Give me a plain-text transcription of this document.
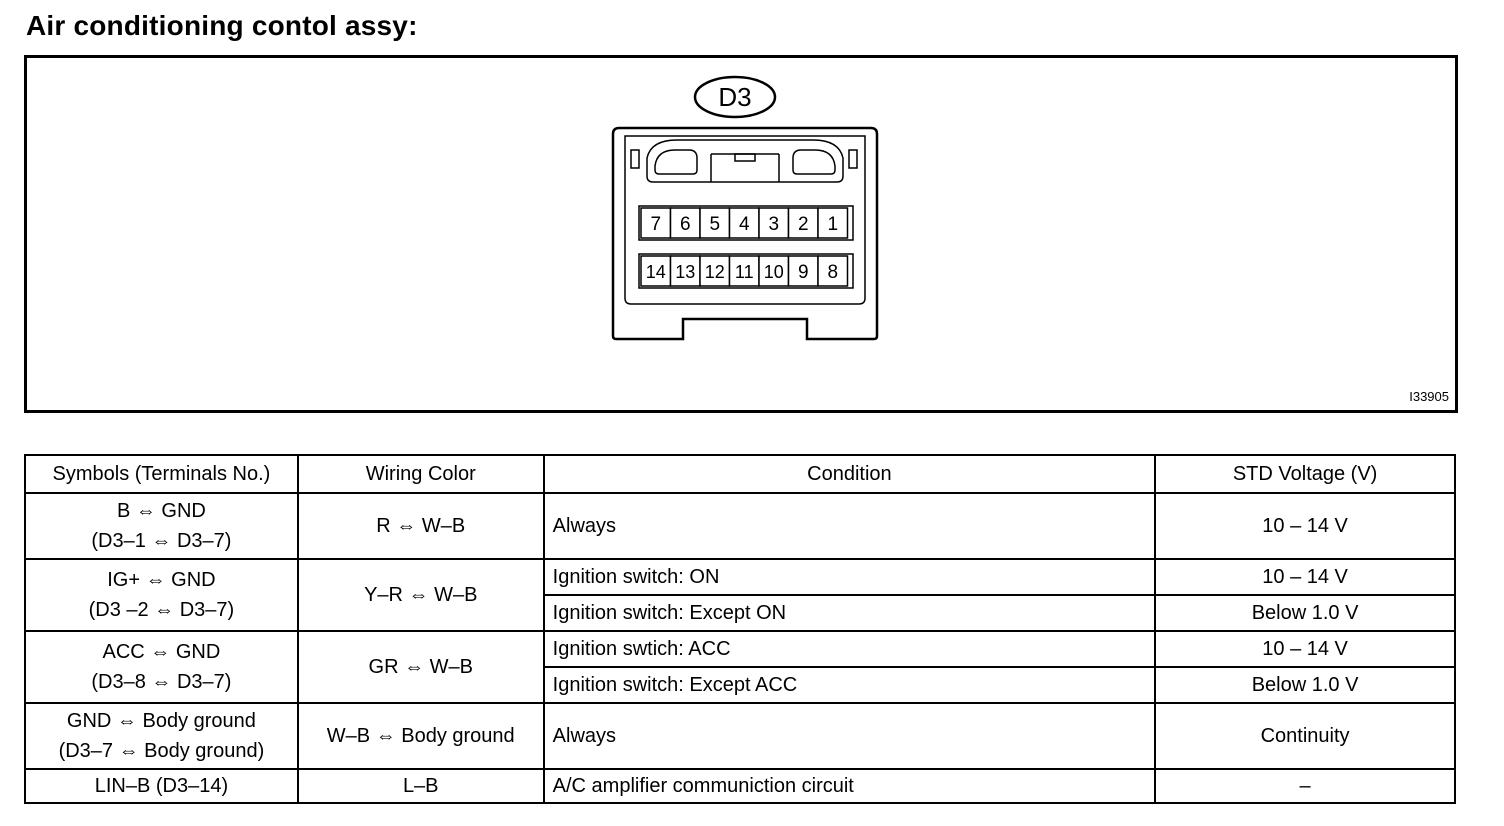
Air conditioning contol assy:
D3
7 6 5 4 3 2 1
14 13 12 11 10 9 8
I33905
Symbols (Terminals No.)	Wiring Color	Condition	STD Voltage (V)

B ⇔ GND
(D3–1 ⇔ D3–7)	R ⇔ W–B	Always	10 – 14 V

IG+ ⇔ GND
(D3 –2 ⇔ D3–7)	Y–R ⇔ W–B	Ignition switch: ON	10 – 14 V
		Ignition switch: Except ON	Below 1.0 V

ACC ⇔ GND
(D3–8 ⇔ D3–7)	GR ⇔ W–B	Ignition swtich: ACC	10 – 14 V
		Ignition switch: Except ACC	Below 1.0 V

GND ⇔ Body ground
(D3–7 ⇔ Body ground)	W–B ⇔ Body ground	Always	Continuity
LIN–B (D3–14)	L–B	A/C amplifier communiction circuit	–
